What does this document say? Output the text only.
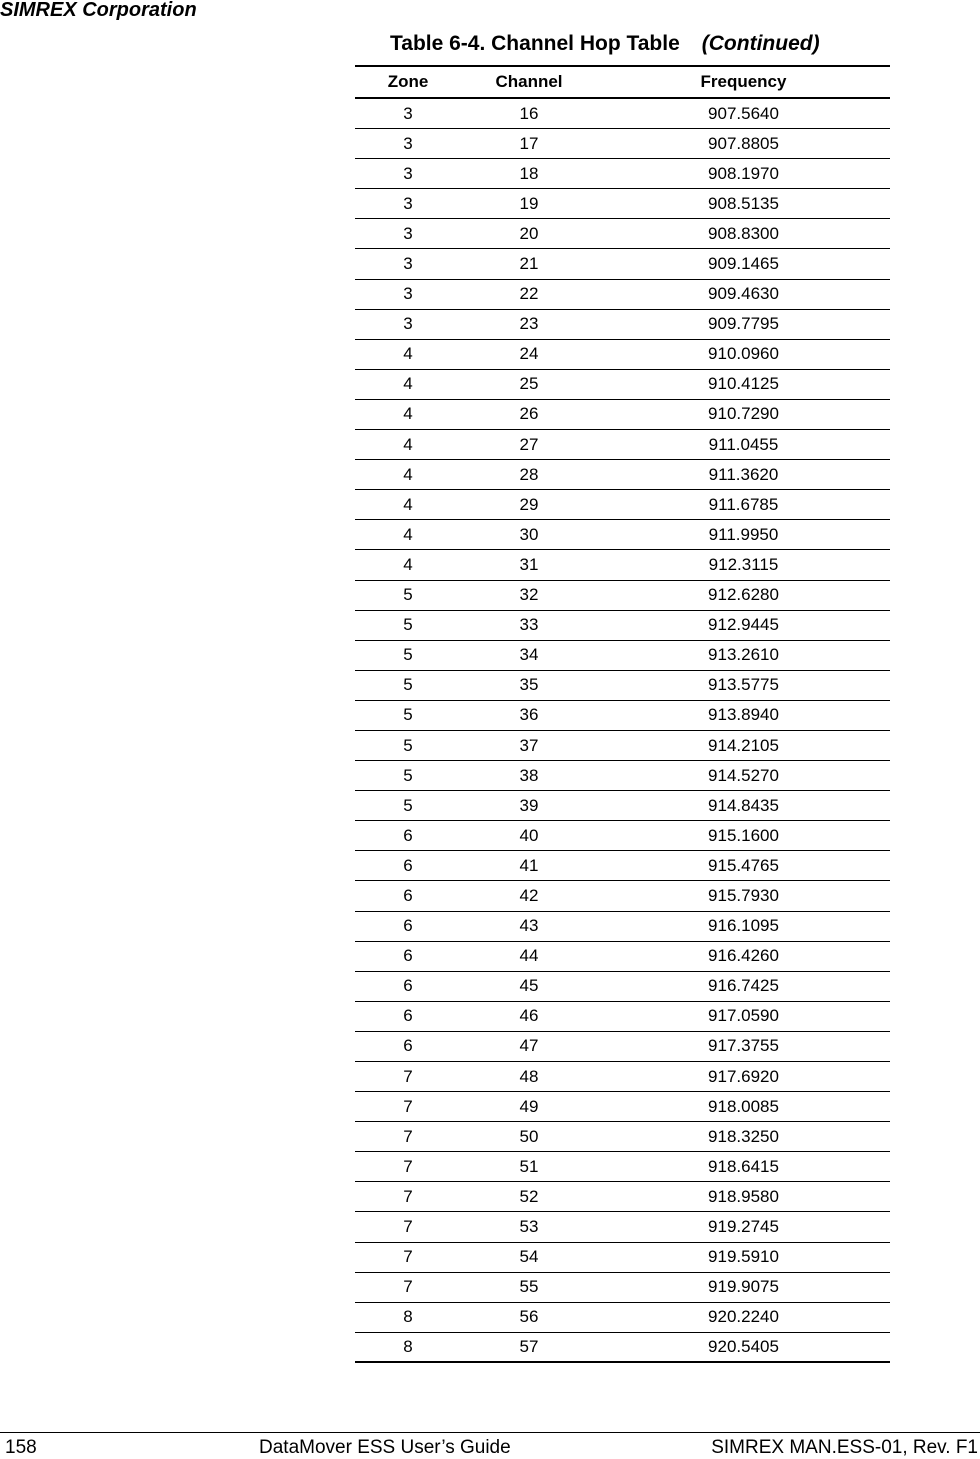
SIMREX Corporation
Table 6-4. Channel Hop Table (Continued)
Zone	Channel	Frequency
3	16	907.5640
3	17	907.8805
3	18	908.1970
3	19	908.5135
3	20	908.8300
3	21	909.1465
3	22	909.4630
3	23	909.7795
4	24	910.0960
4	25	910.4125
4	26	910.7290
4	27	911.0455
4	28	911.3620
4	29	911.6785
4	30	911.9950
4	31	912.3115
5	32	912.6280
5	33	912.9445
5	34	913.2610
5	35	913.5775
5	36	913.8940
5	37	914.2105
5	38	914.5270
5	39	914.8435
6	40	915.1600
6	41	915.4765
6	42	915.7930
6	43	916.1095
6	44	916.4260
6	45	916.7425
6	46	917.0590
6	47	917.3755
7	48	917.6920
7	49	918.0085
7	50	918.3250
7	51	918.6415
7	52	918.9580
7	53	919.2745
7	54	919.5910
7	55	919.9075
8	56	920.2240
8	57	920.5405
158	DataMover ESS User’s Guide	SIMREX MAN.ESS-01, Rev. F1
